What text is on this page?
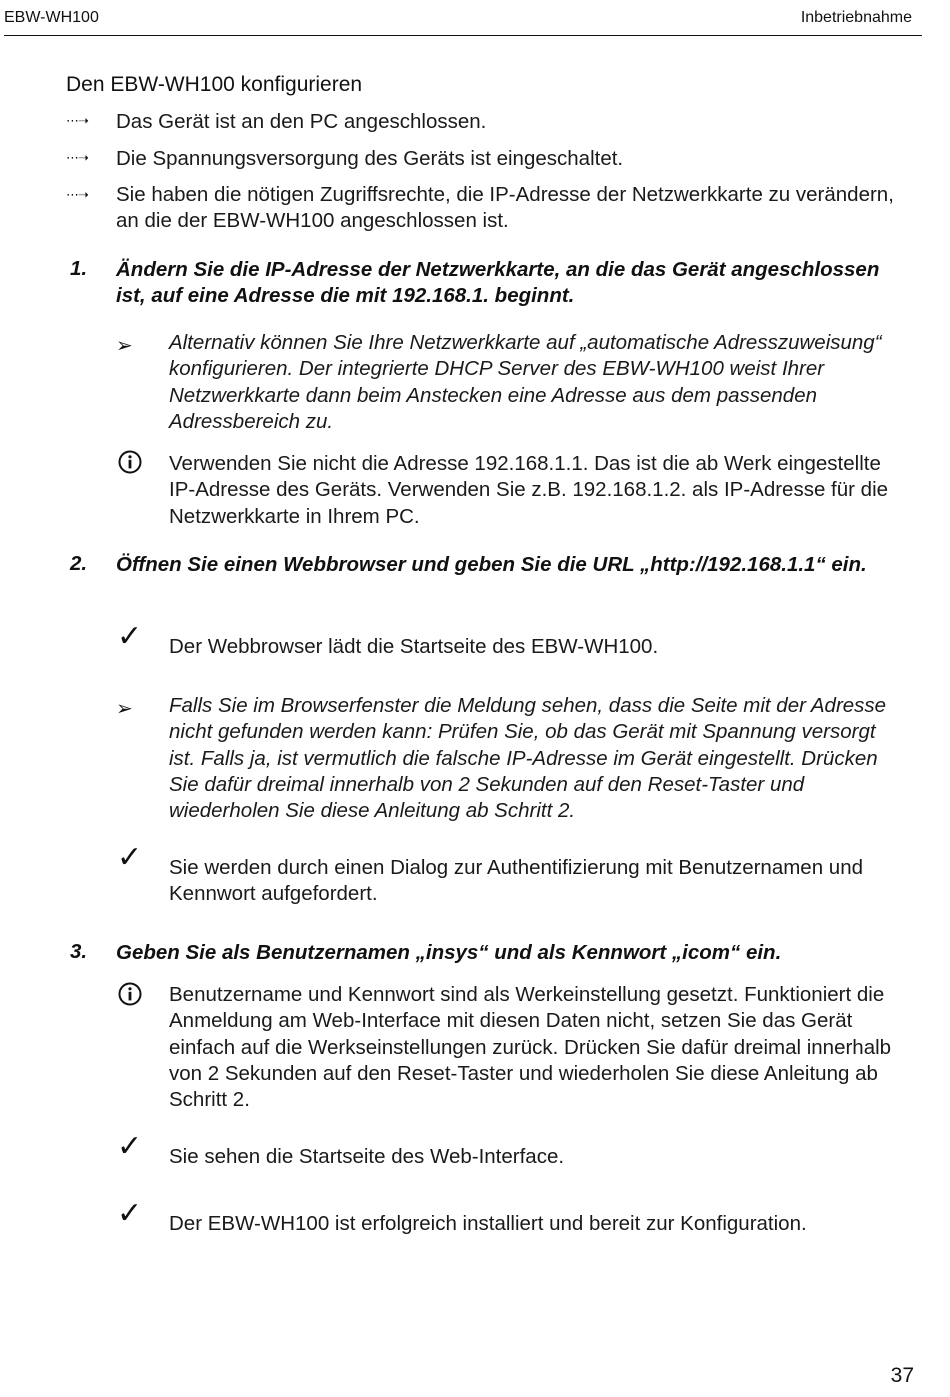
EBW-WH100	Inbetriebnahme
Den EBW-WH100 konfigurieren
⋯➝ Das Gerät ist an den PC angeschlossen.
⋯➝ Die Spannungsversorgung des Geräts ist eingeschaltet.
⋯➝ Sie haben die nötigen Zugriffsrechte, die IP-Adresse der Netzwerkkarte zu verändern, an die der EBW-WH100 angeschlossen ist.
1. Ändern Sie die IP-Adresse der Netzwerkkarte, an die das Gerät angeschlossen ist, auf eine Adresse die mit 192.168.1. beginnt.
➢ Alternativ können Sie Ihre Netzwerkkarte auf „automatische Adresszuweisung“ konfigurieren. Der integrierte DHCP Server des EBW-WH100 weist Ihrer Netzwerkkarte dann beim Anstecken eine Adresse aus dem passenden Adressbereich zu.
Verwenden Sie nicht die Adresse 192.168.1.1. Das ist die ab Werk eingestellte IP-Adresse des Geräts. Verwenden Sie z.B. 192.168.1.2. als IP-Adresse für die Netzwerkkarte in Ihrem PC.
2. Öffnen Sie einen Webbrowser und geben Sie die URL „http://192.168.1.1“ ein.
✓ Der Webbrowser lädt die Startseite des EBW-WH100.
➢ Falls Sie im Browserfenster die Meldung sehen, dass die Seite mit der Adresse nicht gefunden werden kann: Prüfen Sie, ob das Gerät mit Spannung versorgt ist. Falls ja, ist vermutlich die falsche IP-Adresse im Gerät eingestellt. Drücken Sie dafür dreimal innerhalb von 2 Sekunden auf den Reset-Taster und wiederholen Sie diese Anleitung ab Schritt 2.
✓ Sie werden durch einen Dialog zur Authentifizierung mit Benutzernamen und Kennwort aufgefordert.
3. Geben Sie als Benutzernamen „insys“ und als Kennwort „icom“ ein.
Benutzername und Kennwort sind als Werkeinstellung gesetzt. Funktioniert die Anmeldung am Web-Interface mit diesen Daten nicht, setzen Sie das Gerät einfach auf die Werkseinstellungen zurück. Drücken Sie dafür dreimal innerhalb von 2 Sekunden auf den Reset-Taster und wiederholen Sie diese Anleitung ab Schritt 2.
✓ Sie sehen die Startseite des Web-Interface.
✓ Der EBW-WH100 ist erfolgreich installiert und bereit zur Konfiguration.
37
